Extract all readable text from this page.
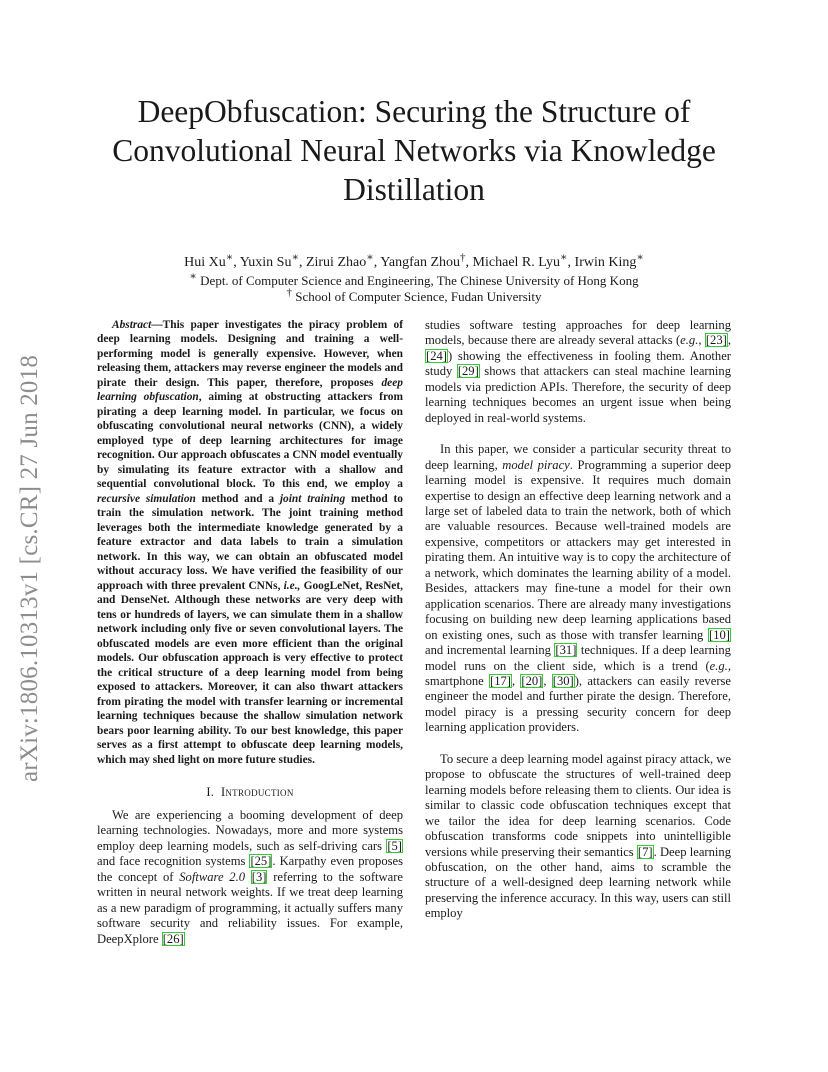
arXiv:1806.10313v1 [cs.CR] 27 Jun 2018
DeepObfuscation: Securing the Structure of Convolutional Neural Networks via Knowledge Distillation
Hui Xu∗, Yuxin Su∗, Zirui Zhao∗, Yangfan Zhou†, Michael R. Lyu∗, Irwin King∗
∗ Dept. of Computer Science and Engineering, The Chinese University of Hong Kong
† School of Computer Science, Fudan University

Abstract—This paper investigates the piracy problem of deep learning models. Designing and training a well-performing model is generally expensive. However, when releasing them, attackers may reverse engineer the models and pirate their design. This paper, therefore, proposes deep learning obfuscation, aiming at obstructing attackers from pirating a deep learning model. In particular, we focus on obfuscating convolutional neural networks (CNN), a widely employed type of deep learning architectures for image recognition. Our approach obfuscates a CNN model eventually by simulating its feature extractor with a shallow and sequential convolutional block. To this end, we employ a recursive simulation method and a joint training method to train the simulation network. The joint training method leverages both the intermediate knowledge generated by a feature extractor and data labels to train a simulation network. In this way, we can obtain an obfuscated model without accuracy loss. We have verified the feasibility of our approach with three prevalent CNNs, i.e., GoogLeNet, ResNet, and DenseNet. Although these networks are very deep with tens or hundreds of layers, we can simulate them in a shallow network including only five or seven convolutional layers. The obfuscated models are even more efficient than the original models. Our obfuscation approach is very effective to protect the critical structure of a deep learning model from being exposed to attackers. Moreover, it can also thwart attackers from pirating the model with transfer learning or incremental learning techniques because the shallow simulation network bears poor learning ability. To our best knowledge, this paper serves as a first attempt to obfuscate deep learning models, which may shed light on more future studies.

I. Introduction

We are experiencing a booming development of deep learning technologies. Nowadays, more and more systems employ deep learning models, such as self-driving cars [5] and face recognition systems [25]. Karpathy even proposes the concept of Software 2.0 [3] referring to the software written in neural network weights. If we treat deep learning as a new paradigm of programming, it actually suffers many software security and reliability issues. For example, DeepXplore [26]

studies software testing approaches for deep learning models, because there are already several attacks (e.g., [23], [24]) showing the effectiveness in fooling them. Another study [29] shows that attackers can steal machine learning models via prediction APIs. Therefore, the security of deep learning techniques becomes an urgent issue when being deployed in real-world systems.

In this paper, we consider a particular security threat to deep learning, model piracy. Programming a superior deep learning model is expensive. It requires much domain expertise to design an effective deep learning network and a large set of labeled data to train the network, both of which are valuable resources. Because well-trained models are expensive, competitors or attackers may get interested in pirating them. An intuitive way is to copy the architecture of a network, which dominates the learning ability of a model. Besides, attackers may fine-tune a model for their own application scenarios. There are already many investigations focusing on building new deep learning applications based on existing ones, such as those with transfer learning [10] and incremental learning [31] techniques. If a deep learning model runs on the client side, which is a trend (e.g., smartphone [17], [20], [30]), attackers can easily reverse engineer the model and further pirate the design. Therefore, model piracy is a pressing security concern for deep learning application providers.

To secure a deep learning model against piracy attack, we propose to obfuscate the structures of well-trained deep learning models before releasing them to clients. Our idea is similar to classic code obfuscation techniques except that we tailor the idea for deep learning scenarios. Code obfuscation transforms code snippets into unintelligible versions while preserving their semantics [7]. Deep learning obfuscation, on the other hand, aims to scramble the structure of a well-designed deep learning network while preserving the inference accuracy. In this way, users can still employ
